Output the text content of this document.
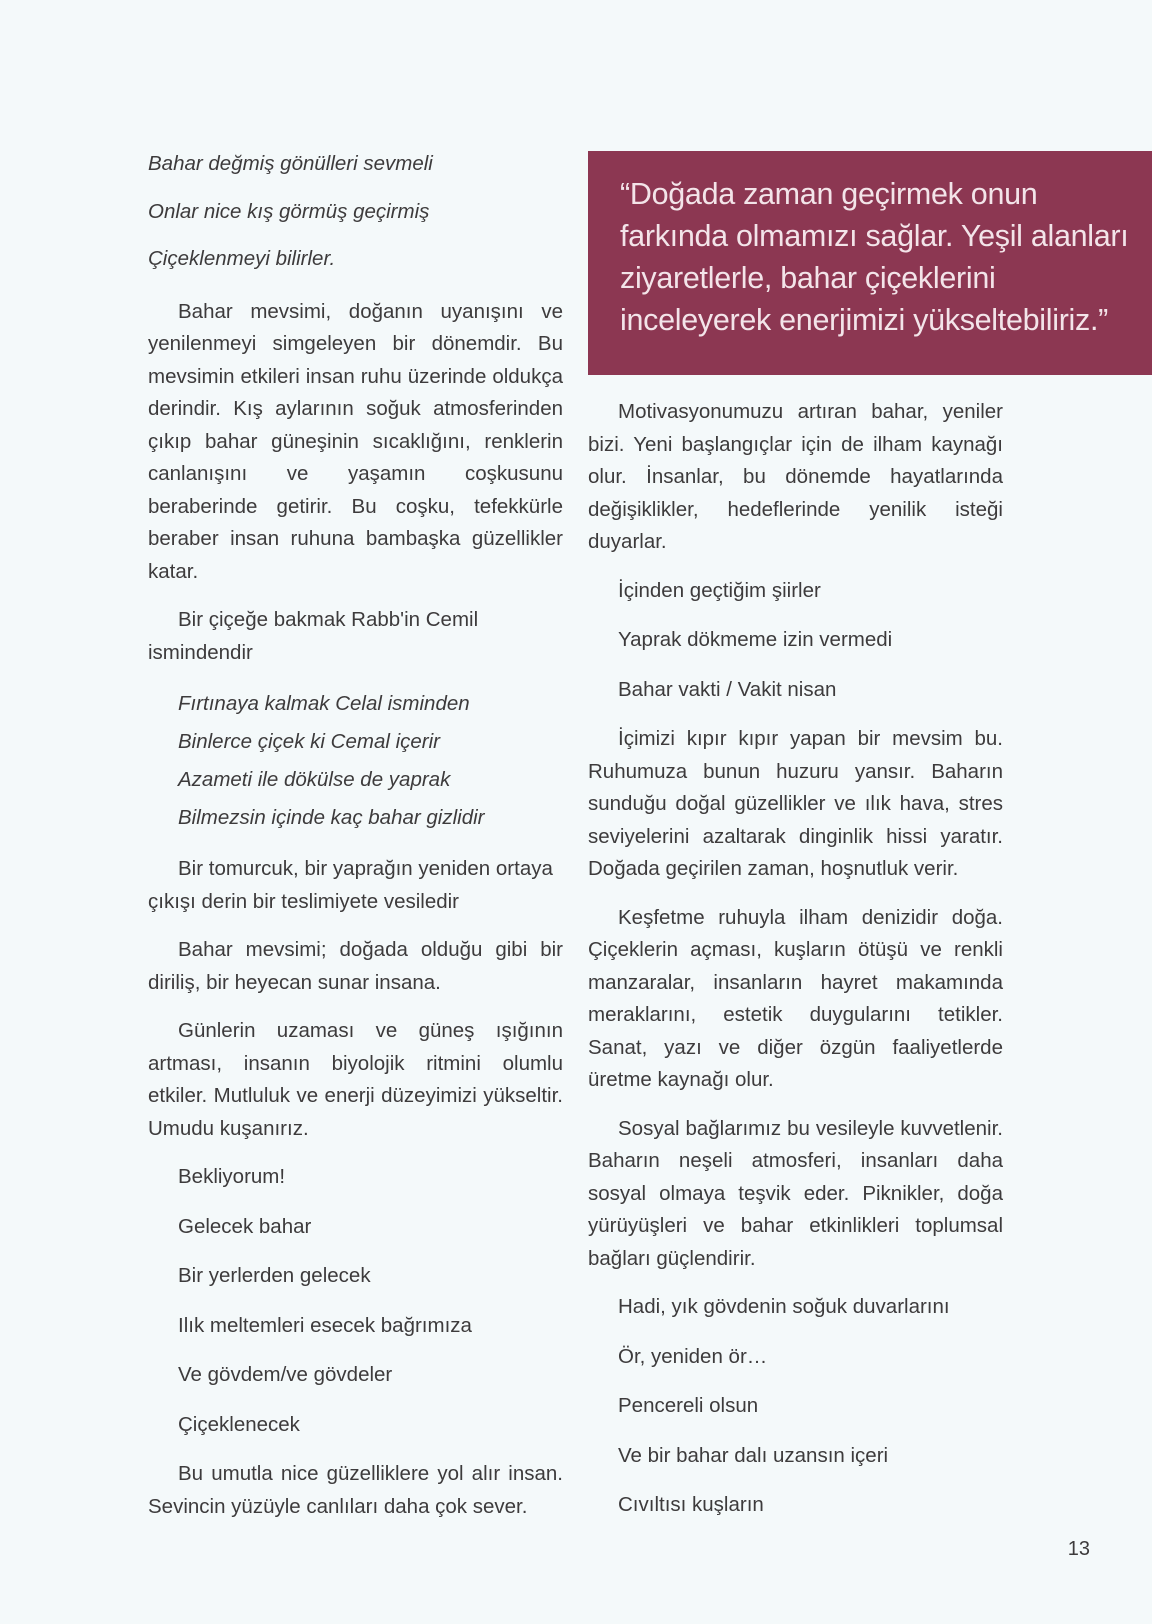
Bahar değmiş gönülleri sevmeli

Onlar nice kış görmüş geçirmiş

Çiçeklenmeyi bilirler.

Bahar mevsimi, doğanın uyanışını ve yenilenmeyi simgeleyen bir dönemdir. Bu mevsimin etkileri insan ruhu üzerinde oldukça derindir. Kış aylarının soğuk atmosferinden çıkıp bahar güneşinin sıcaklığını, renklerin canlanışını ve yaşamın coşkusunu beraberinde getirir. Bu coşku, tefekkürle beraber insan ruhuna bambaşka güzellikler katar.

Bir çiçeğe bakmak Rabb'in Cemil ismindendir

Fırtınaya kalmak Celal isminden
Binlerce çiçek ki Cemal içerir
Azameti ile dökülse de yaprak
Bilmezsin içinde kaç bahar gizlidir

Bir tomurcuk, bir yaprağın yeniden ortaya çıkışı derin bir teslimiyete vesiledir

Bahar mevsimi; doğada olduğu gibi bir diriliş, bir heyecan sunar insana.

Günlerin uzaması ve güneş ışığının artması, insanın biyolojik ritmini olumlu etkiler. Mutluluk ve enerji düzeyimizi yükseltir. Umudu kuşanırız.

Bekliyorum!

Gelecek bahar

Bir yerlerden gelecek

Ilık meltemleri esecek bağrımıza

Ve gövdem/ve gövdeler

Çiçeklenecek

Bu umutla nice güzelliklere yol alır insan. Sevincin yüzüyle canlıları daha çok sever.

“Doğada zaman geçirmek onun farkında olmamızı sağlar. Yeşil alanları ziyaretlerle, bahar çiçeklerini inceleyerek enerjimizi yükseltebiliriz.”

Motivasyonumuzu artıran bahar, yeniler bizi. Yeni başlangıçlar için de ilham kaynağı olur. İnsanlar, bu dönemde hayatlarında değişiklikler, hedeflerinde yenilik isteği duyarlar.

İçinden geçtiğim şiirler

Yaprak dökmeme izin vermedi

Bahar vakti / Vakit nisan

İçimizi kıpır kıpır yapan bir mevsim bu. Ruhumuza bunun huzuru yansır. Baharın sunduğu doğal güzellikler ve ılık hava, stres seviyelerini azaltarak dinginlik hissi yaratır. Doğada geçirilen zaman, hoşnutluk verir.

Keşfetme ruhuyla ilham denizidir doğa. Çiçeklerin açması, kuşların ötüşü ve renkli manzaralar, insanların hayret makamında meraklarını, estetik duygularını tetikler. Sanat, yazı ve diğer özgün faaliyetlerde üretme kaynağı olur.

Sosyal bağlarımız bu vesileyle kuvvetlenir. Baharın neşeli atmosferi, insanları daha sosyal olmaya teşvik eder. Piknikler, doğa yürüyüşleri ve bahar etkinlikleri toplumsal bağları güçlendirir.

Hadi, yık gövdenin soğuk duvarlarını

Ör, yeniden ör…

Pencereli olsun

Ve bir bahar dalı uzansın içeri

Cıvıltısı kuşların

13
